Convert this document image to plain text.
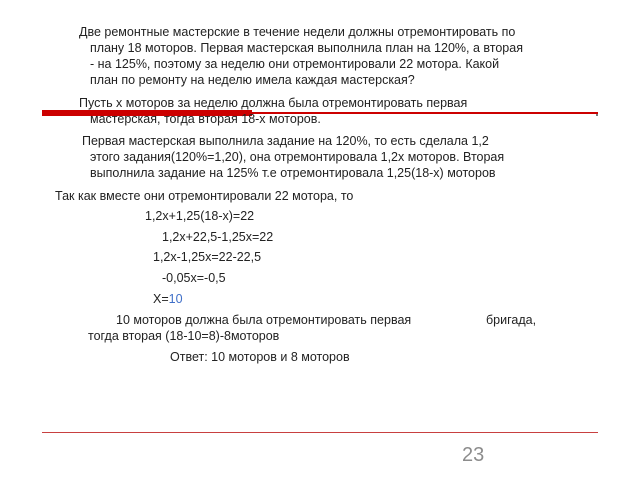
Две ремонтные мастерские в течение недели должны отремонтировать по

плану 18 моторов. Первая мастерская выполнила план на 120%, а вторая

- на 125%, поэтому за неделю они отремонтировали 22 мотора. Какой

план по ремонту на неделю имела каждая мастерская?

Пусть х моторов за неделю должна была отремонтировать первая

мастерская, тогда вторая 18-х моторов.

Первая мастерская выполнила задание на 120%, то есть сделала 1,2

этого задания(120%=1,20), она отремонтировала 1,2х моторов. Вторая

выполнила задание на 125% т.е отремонтировала 1,25(18-х) моторов

Так как вместе они отремонтировали 22 мотора, то

1,2x+1,25(18-x)=22

1,2x+22,5-1,25x=22

1,2x-1,25x=22-22,5

-0,05x=-0,5

X=10

10 моторов должна была отремонтировать первая	бригада,

тогда вторая (18-10=8)-8моторов

Ответ: 10 моторов и 8 моторов

23
